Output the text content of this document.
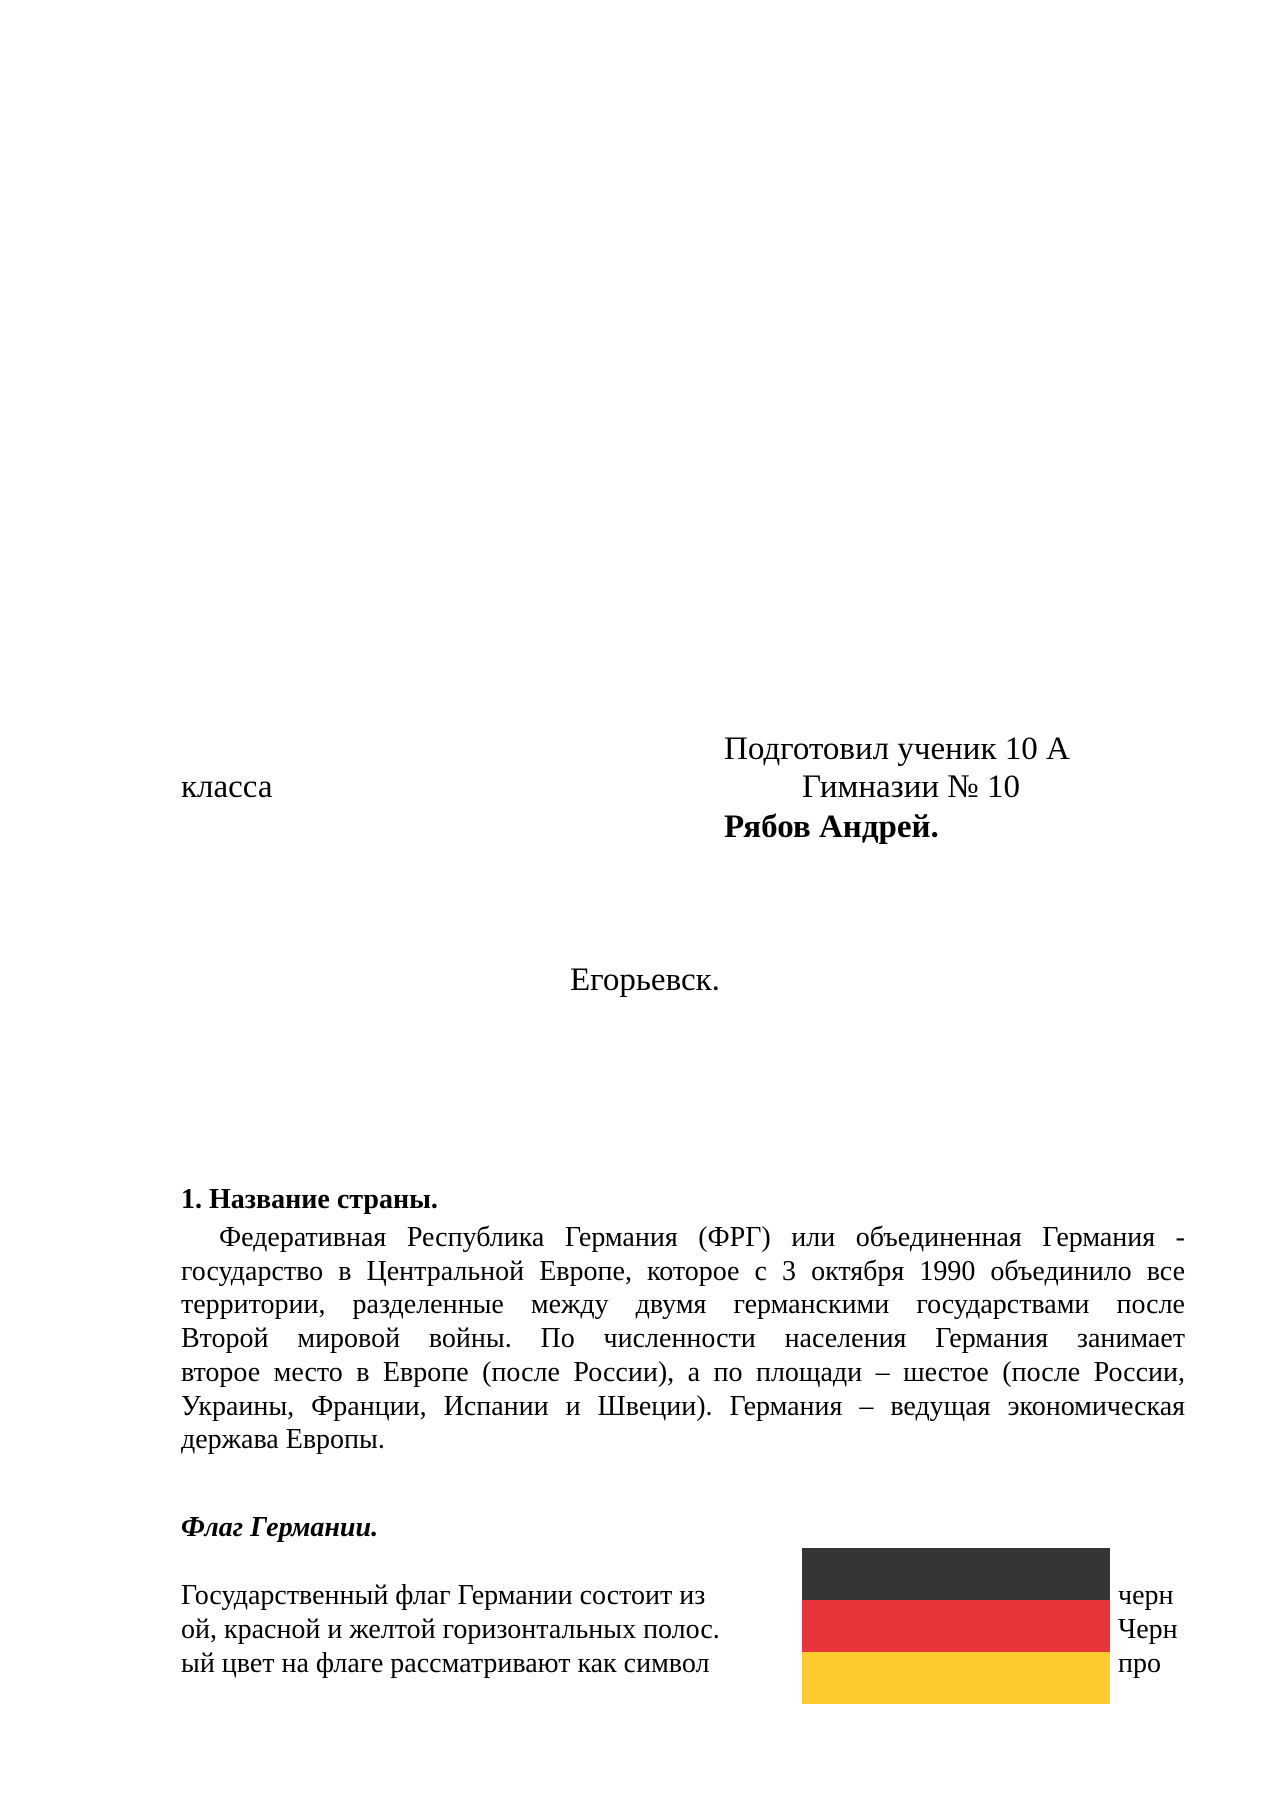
Подготовил ученик 10 А

класса	Гимназии № 10

Рябов Андрей.

Егорьевск.

1. Название страны.

Федеративная Республика Германия (ФРГ) или объединенная Германия -
государство в Центральной Европе, которое с 3 октября 1990 объединило все
территории, разделенные между двумя германскими государствами после
Второй мировой войны. По численности населения Германия занимает
второе место в Европе (после России), а по площади – шестое (после России,
Украины, Франции, Испании и Швеции). Германия – ведущая экономическая
держава Европы.

Флаг Германии.

Государственный флаг Германии состоит из

ой, красной и желтой горизонтальных полос.

ый цвет на флаге рассматривают как символ

черн

Черн

про
